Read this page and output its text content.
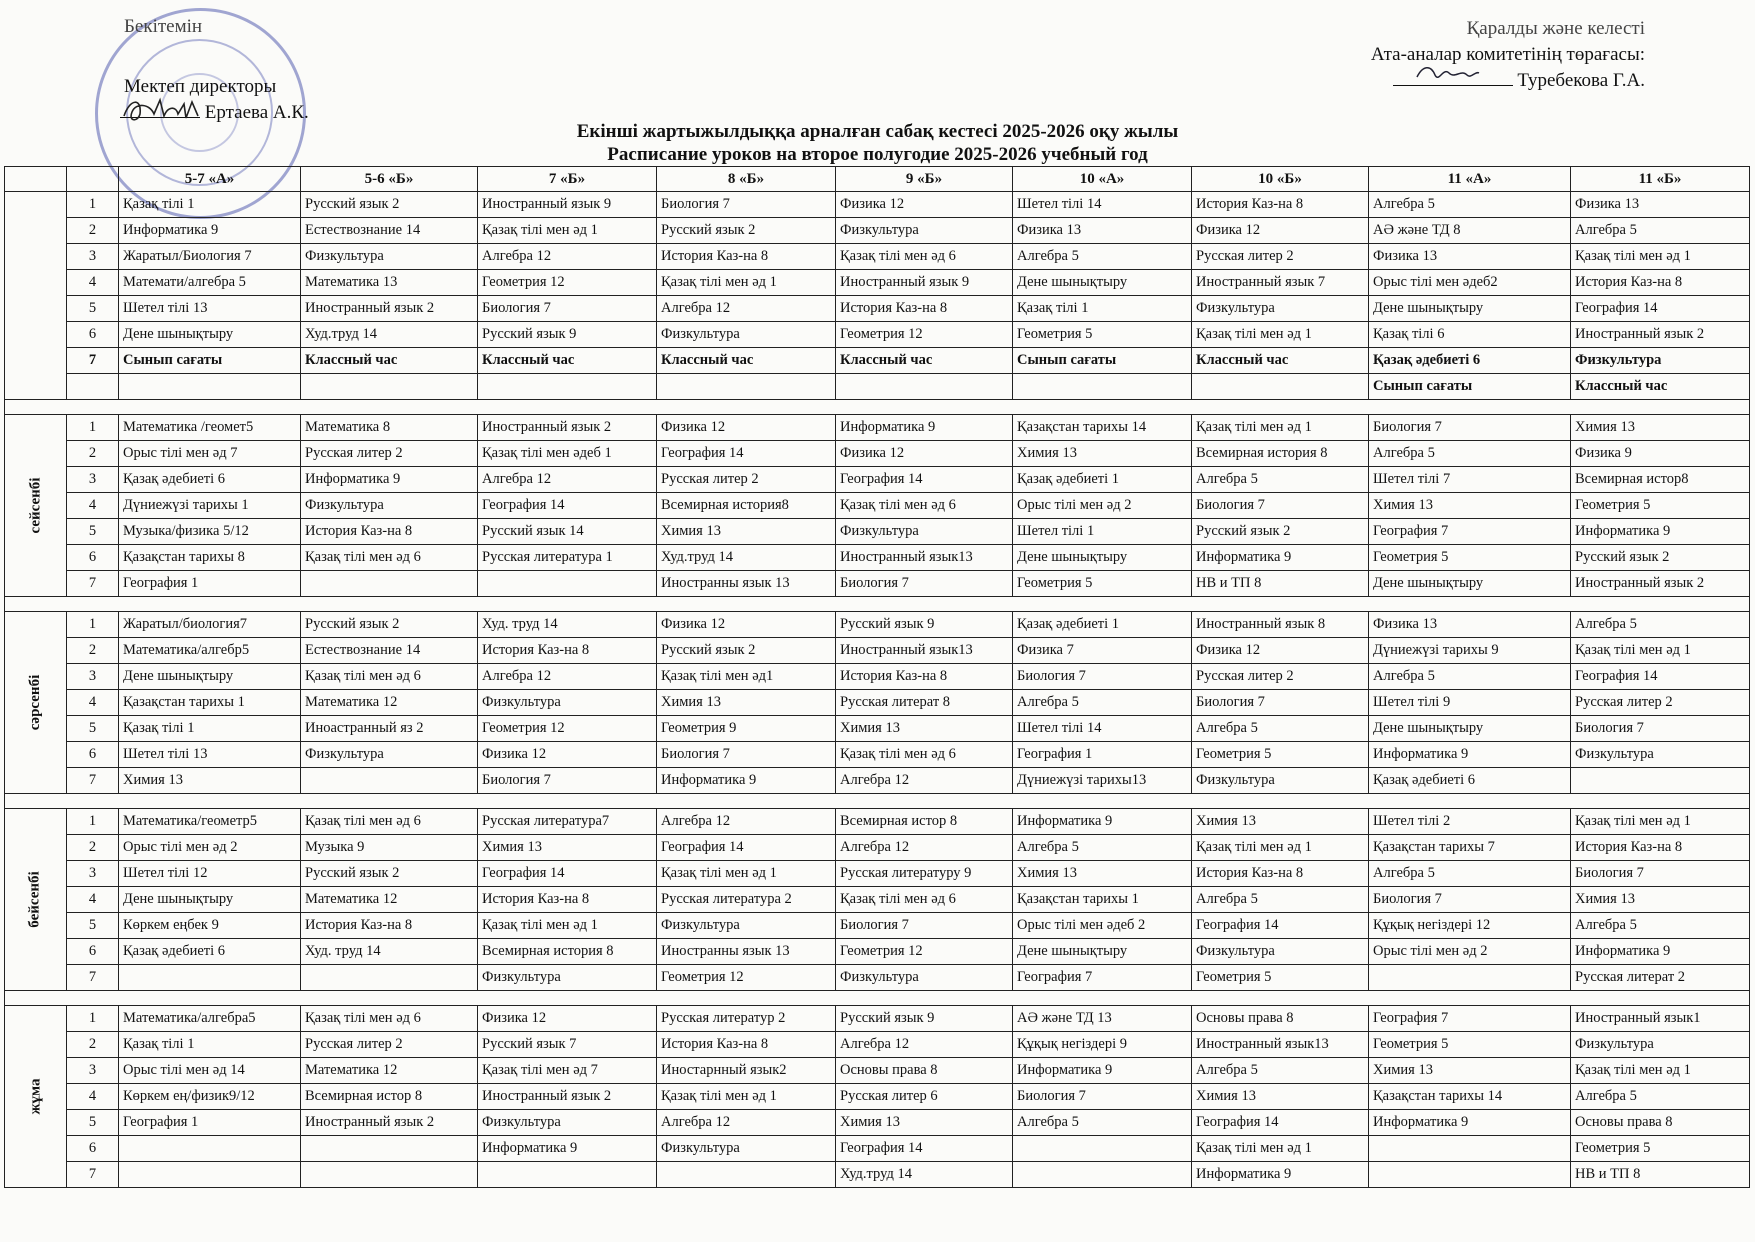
Бекітемін
Мектеп директоры
Ертаева А.К.
Қаралды және келесті
Ата-аналар комитетінің төрағасы:
Туребекова Г.А.
Екінші жартыжылдыққа арналған сабақ кестесі 2025-2026 оқу жылы
Расписание уроков на второе полугодие 2025-2026 учебный год
		5-7 «А»	5-6 «Б»	7 «Б»	8 «Б»	9 «Б»	10 «А»	10 «Б»	11 «А»	11 «Б»
	1	Қазақ тілі 1	Русский язык 2	Иностранный язык 9	Биология 7	Физика 12	Шетел тілі 14	История Каз-на 8	Алгебра 5	Физика 13
	2	Информатика 9	Естествознание 14	Қазақ тілі мен әд 1	Русский язык 2	Физкультура	Физика 13	Физика 12	АӘ және ТД 8	Алгебра 5
	3	Жаратыл/Биология 7	Физкультура	Алгебра 12	История Каз-на 8	Қазақ тілі мен әд 6	Алгебра 5	Русская литер 2	Физика 13	Қазақ тілі мен әд 1
	4	Математи/алгебра 5	Математика 13	Геометрия 12	Қазақ тілі мен әд 1	Иностранный язык 9	Дене шынықтыру	Иностранный язык 7	Орыс тілі мен әдеб2	История Каз-на 8
	5	Шетел тілі 13	Иностранный язык 2	Биология 7	Алгебра 12	История Каз-на 8	Қазақ тілі 1	Физкультура	Дене шынықтыру	География 14
	6	Дене шынықтыру	Худ.труд 14	Русский язык 9	Физкультура	Геометрия 12	Геометрия 5	Қазақ тілі мен әд 1	Қазақ тілі 6	Иностранный язык 2
	7	Сынып сағаты	Классный час	Классный час	Классный час	Классный час	Сынып сағаты	Классный час	Қазақ әдебиеті 6	Физкультура
									Сынып сағаты	Классный час

сейсенбі	1	Математика /геомет5	Математика 8	Иностранный язык 2	Физика 12	Информатика 9	Қазақстан тарихы 14	Қазақ тілі мен әд 1	Биология 7	Химия 13
	2	Орыс тілі мен әд 7	Русская литер 2	Қазақ тілі мен әдеб 1	География 14	Физика 12	Химия 13	Всемирная история 8	Алгебра 5	Физика 9
	3	Қазақ әдебиеті 6	Информатика 9	Алгебра 12	Русская литер 2	География 14	Қазақ әдебиеті 1	Алгебра 5	Шетел тілі 7	Всемирная истор8
	4	Дүниежүзі тарихы 1	Физкультура	География 14	Всемирная история8	Қазақ тілі мен әд 6	Орыс тілі мен әд 2	Биология 7	Химия 13	Геометрия 5
	5	Музыка/физика 5/12	История Каз-на 8	Русский язык 14	Химия 13	Физкультура	Шетел тілі 1	Русский язык 2	География 7	Информатика 9
	6	Қазақстан тарихы 8	Қазақ тілі мен әд 6	Русская литература 1	Худ.труд 14	Иностранный язык13	Дене шынықтыру	Информатика 9	Геометрия 5	Русский язык 2
	7	География 1			Иностранны язык 13	Биология 7	Геометрия 5	НВ и ТП 8	Дене шынықтыру	Иностранный язык 2

сәрсенбі	1	Жаратыл/биология7	Русский язык 2	Худ. труд 14	Физика 12	Русский язык 9	Қазақ әдебиеті 1	Иностранный язык 8	Физика 13	Алгебра 5
	2	Математика/алгебр5	Естествознание 14	История Каз-на 8	Русский язык 2	Иностранный язык13	Физика 7	Физика 12	Дүниежүзі тарихы 9	Қазақ тілі мен әд 1
	3	Дене шынықтыру	Қазақ тілі мен әд 6	Алгебра 12	Қазақ тілі мен әд1	История Каз-на 8	Биология 7	Русская литер 2	Алгебра 5	География 14
	4	Қазақстан тарихы 1	Математика 12	Физкультура	Химия 13	Русская литерат 8	Алгебра 5	Биология 7	Шетел тілі 9	Русская литер 2
	5	Қазақ тілі 1	Иноастранный яз 2	Геометрия 12	Геометрия 9	Химия 13	Шетел тілі 14	Алгебра 5	Дене шынықтыру	Биология 7
	6	Шетел тілі 13	Физкультура	Физика 12	Биология 7	Қазақ тілі мен әд 6	География 1	Геометрия 5	Информатика 9	Физкультура
	7	Химия 13		Биология 7	Информатика 9	Алгебра 12	Дүниежүзі тарихы13	Физкультура	Қазақ әдебиеті 6	

бейсенбі	1	Математика/геометр5	Қазақ тілі мен әд 6	Русская литература7	Алгебра 12	Всемирная истор 8	Информатика 9	Химия 13	Шетел тілі 2	Қазақ тілі мен әд 1
	2	Орыс тілі мен әд 2	Музыка 9	Химия 13	География 14	Алгебра 12	Алгебра 5	Қазақ тілі мен әд 1	Қазақстан тарихы 7	История Каз-на 8
	3	Шетел тілі 12	Русский язык 2	География 14	Қазақ тілі мен әд 1	Русская литературу 9	Химия 13	История Каз-на 8	Алгебра 5	Биология 7
	4	Дене шынықтыру	Математика 12	История Каз-на 8	Русская литература 2	Қазақ тілі мен әд 6	Қазақстан тарихы 1	Алгебра 5	Биология 7	Химия 13
	5	Көркем еңбек 9	История Каз-на 8	Қазақ тілі мен әд 1	Физкультура	Биология 7	Орыс тілі мен әдеб 2	География 14	Құқық негіздері 12	Алгебра 5
	6	Қазақ әдебиеті 6	Худ. труд 14	Всемирная история 8	Иностранны язык 13	Геометрия 12	Дене шынықтыру	Физкультура	Орыс тілі мен әд 2	Информатика 9
	7			Физкультура	Геометрия 12	Физкультура	География 7	Геометрия 5		Русская литерат 2

жұма	1	Математика/алгебра5	Қазақ тілі мен әд 6	Физика 12	Русская литератур 2	Русский язык 9	АӘ және ТД 13	Основы права 8	География 7	Иностранный язык1
	2	Қазақ тілі 1	Русская литер 2	Русский язык 7	История Каз-на 8	Алгебра 12	Құқық негіздері 9	Иностранный язык13	Геометрия 5	Физкультура
	3	Орыс тілі мен әд 14	Математика 12	Қазақ тілі мен әд 7	Иностарнный язык2	Основы права 8	Информатика 9	Алгебра 5	Химия 13	Қазақ тілі мен әд 1
	4	Көркем ең/физик9/12	Всемирная истор 8	Иностранный язык 2	Қазақ тілі мен әд 1	Русская литер 6	Биология 7	Химия 13	Қазақстан тарихы 14	Алгебра 5
	5	География 1	Иностранный язык 2	Физкультура	Алгебра 12	Химия 13	Алгебра 5	География 14	Информатика 9	Основы права 8
	6			Информатика 9	Физкультура	География 14		Қазақ тілі мен әд 1		Геометрия 5
	7					Худ.труд 14		Информатика 9		НВ и ТП 8
